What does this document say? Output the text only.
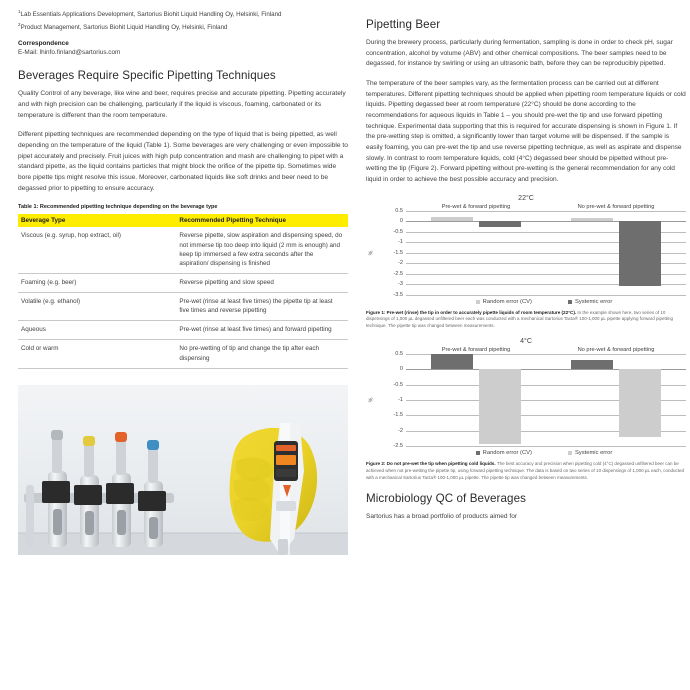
$^1$Lab Essentials Applications Development, Sartorius Biohit Liquid Handling Oy, Helsinki, Finland

$^2$Product Management, Sartorius Biohit Liquid Handling Oy, Helsinki, Finland

Correspondence
E-Mail: lhinfo.finland@sartorius.com
Beverages Require Specific Pipetting Techniques

Quality Control of any beverage, like wine and beer, requires precise and accurate pipetting. Pipetting accurately and with high precision can be challenging, particularly if the liquid is viscous, foaming, carbonated or its temperature is different than the room temperature.

Different pipetting techniques are recommended depending on the type of liquid that is being pipetted, as well depending on the temperature of the liquid (Table 1). Some beverages are very challenging or even impossible to pipet accurately and precisely. Fruit juices with high pulp concentration and mash are challenging to pipet with a standard pipette, as the liquid contains particles that might block the orifice of the pipette tip. Sometimes wide bore pipette tips might resolve this issue. Moreover, carbonated liquids like soft drinks and beer need to be degassed prior to pipetting to ensure accuracy.

Table 1: Recommended pipetting technique depending on the beverage type
Beverage Type	Recommended Pipetting Technique
Viscous (e.g. syrup, hop extract, oil)	Reverse pipette, slow aspiration and dispensing speed, do not immerse tip too deep into liquid (2 mm is enough) and keep tip immersed a few extra seconds after the aspiration/ dispensing is finished
Foaming (e.g. beer)	Reverse pipetting and slow speed
Volatile (e.g. ethanol)	Pre-wet (rinse at least five times) the pipette tip at least five times and reverse pipetting
Aqueous	Pre-wet (rinse at least five times) and forward pipetting
Cold or warm	No pre-wetting of tip and change the tip after each dispensing
Pipetting Beer

During the brewery process, particularly during fermentation, sampling is done in order to check pH, sugar concentration, alcohol by volume (ABV) and other chemical compositions. The beer samples need to be degassed, for instance by swirling or using an ultrasonic bath, before they can be reproducibly pipetted.

The temperature of the beer samples vary, as the fermentation process can be carried out at different temperatures. Different pipetting techniques should be applied when pipetting room temperature liquids or cold liquids. Pipetting degassed beer at room temperature (22°C) should be done according to the recommendations for aqueous liquids in Table 1 – you should pre-wet the tip and use forward pipetting technique. Experimental data supporting that this is required for accurate dispensing is shown in Figure 1. If the pre-wetting step is omitted, a significantly lower than target volume will be dispensed. If the sample is easily foaming, you can pre-wet the tip and use reverse pipetting technique, as well as aspirate and dispense slowly. In contrast to room temperature liquids, cold (4°C) degassed beer should be pipetted without pre-wetting the tip (Figure 2). Forward pipetting without pre-wetting is the general recommendation for any cold liquid in order to achieve the best possible accuracy and precision.

22°C
Pre-wet & forward pipetting	No pre-wet & forward pipetting
%
0.5
0
-0.5
-1
-1.5
-2
-2.5
-3
-3.5
Random error (CV)	Systemic error

Figure 1: Pre-wet (rinse) the tip in order to accurately pipette liquids of room temperature (22°C). In the example shown here, two series of 10 dispensings of 1,000 µL degassed unfiltered beer each was conducted with a mechanical Sartorius Tacta® 100-1,000 µL pipette applying forward pipetting technique. The pipette tip was changed between measurements.

4°C
Pre-wet & forward pipetting	No pre-wet & forward pipetting
%
0.5
0
-0.5
-1
-1.5
-2
-2.5
Random error (CV)	Systemic error

Figure 2: Do not pre-wet the tip when pipetting cold liquids. The best accuracy and precision when pipetting cold (4°C) degassed unfiltered beer can be achieved when not pre-wetting the pipette tip, using forward pipetting technique. The data is based on two series of 10 dispensings of 1,000 µL each, conducted with a mechanical Sartorius Tacta® 100-1,000 µL pipette. The pipette tip was changed between measurements.

Microbiology QC of Beverages

Sartorius has a broad portfolio of products aimed for
